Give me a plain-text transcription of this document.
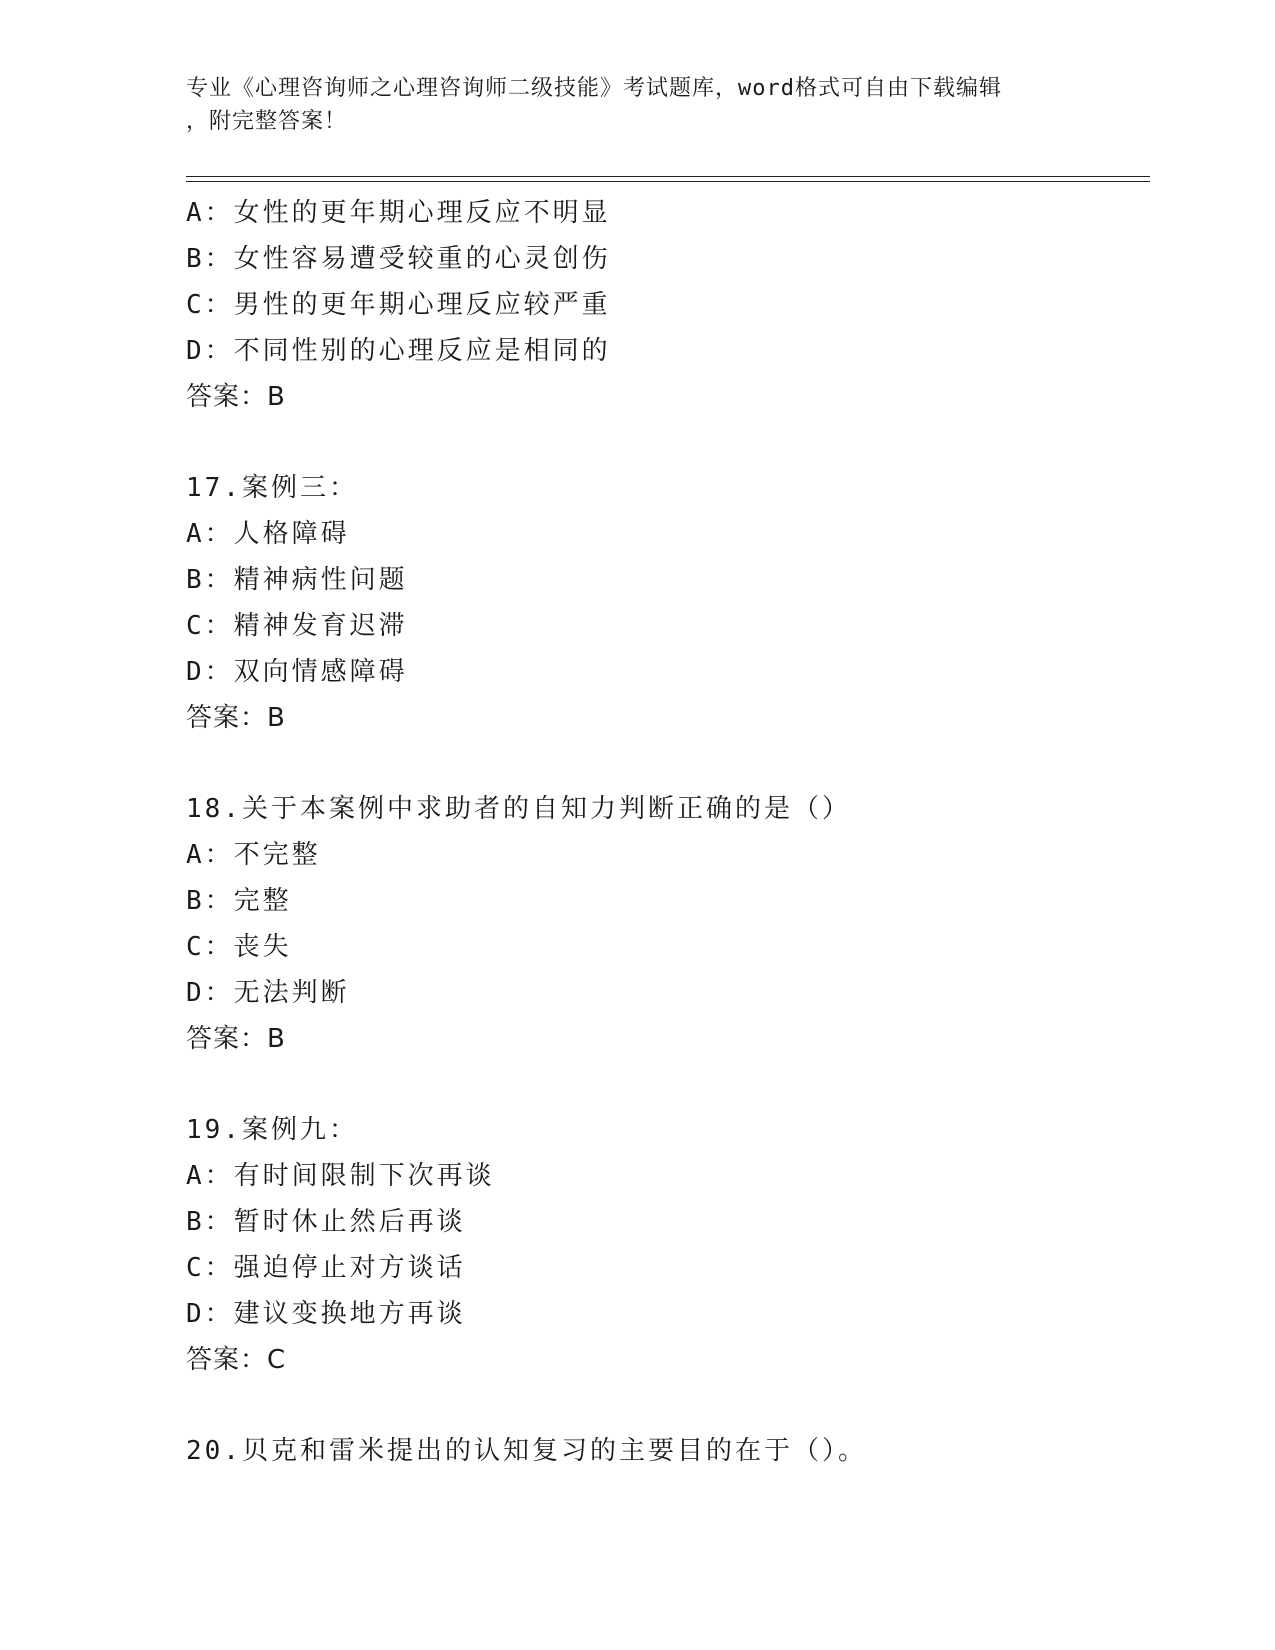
专业《心理咨询师之心理咨询师二级技能》考试题库，word格式可自由下载编辑
，附完整答案！
A：女性的更年期心理反应不明显
B：女性容易遭受较重的心灵创伤
C：男性的更年期心理反应较严重
D：不同性别的心理反应是相同的
答案：B
17.案例三：
A：人格障碍
B：精神病性问题
C：精神发育迟滞
D：双向情感障碍
答案：B
18.关于本案例中求助者的自知力判断正确的是（）
A：不完整
B：完整
C：丧失
D：无法判断
答案：B
19.案例九：
A：有时间限制下次再谈
B：暂时休止然后再谈
C：强迫停止对方谈话
D：建议变换地方再谈
答案：C
20.贝克和雷米提出的认知复习的主要目的在于（）。
